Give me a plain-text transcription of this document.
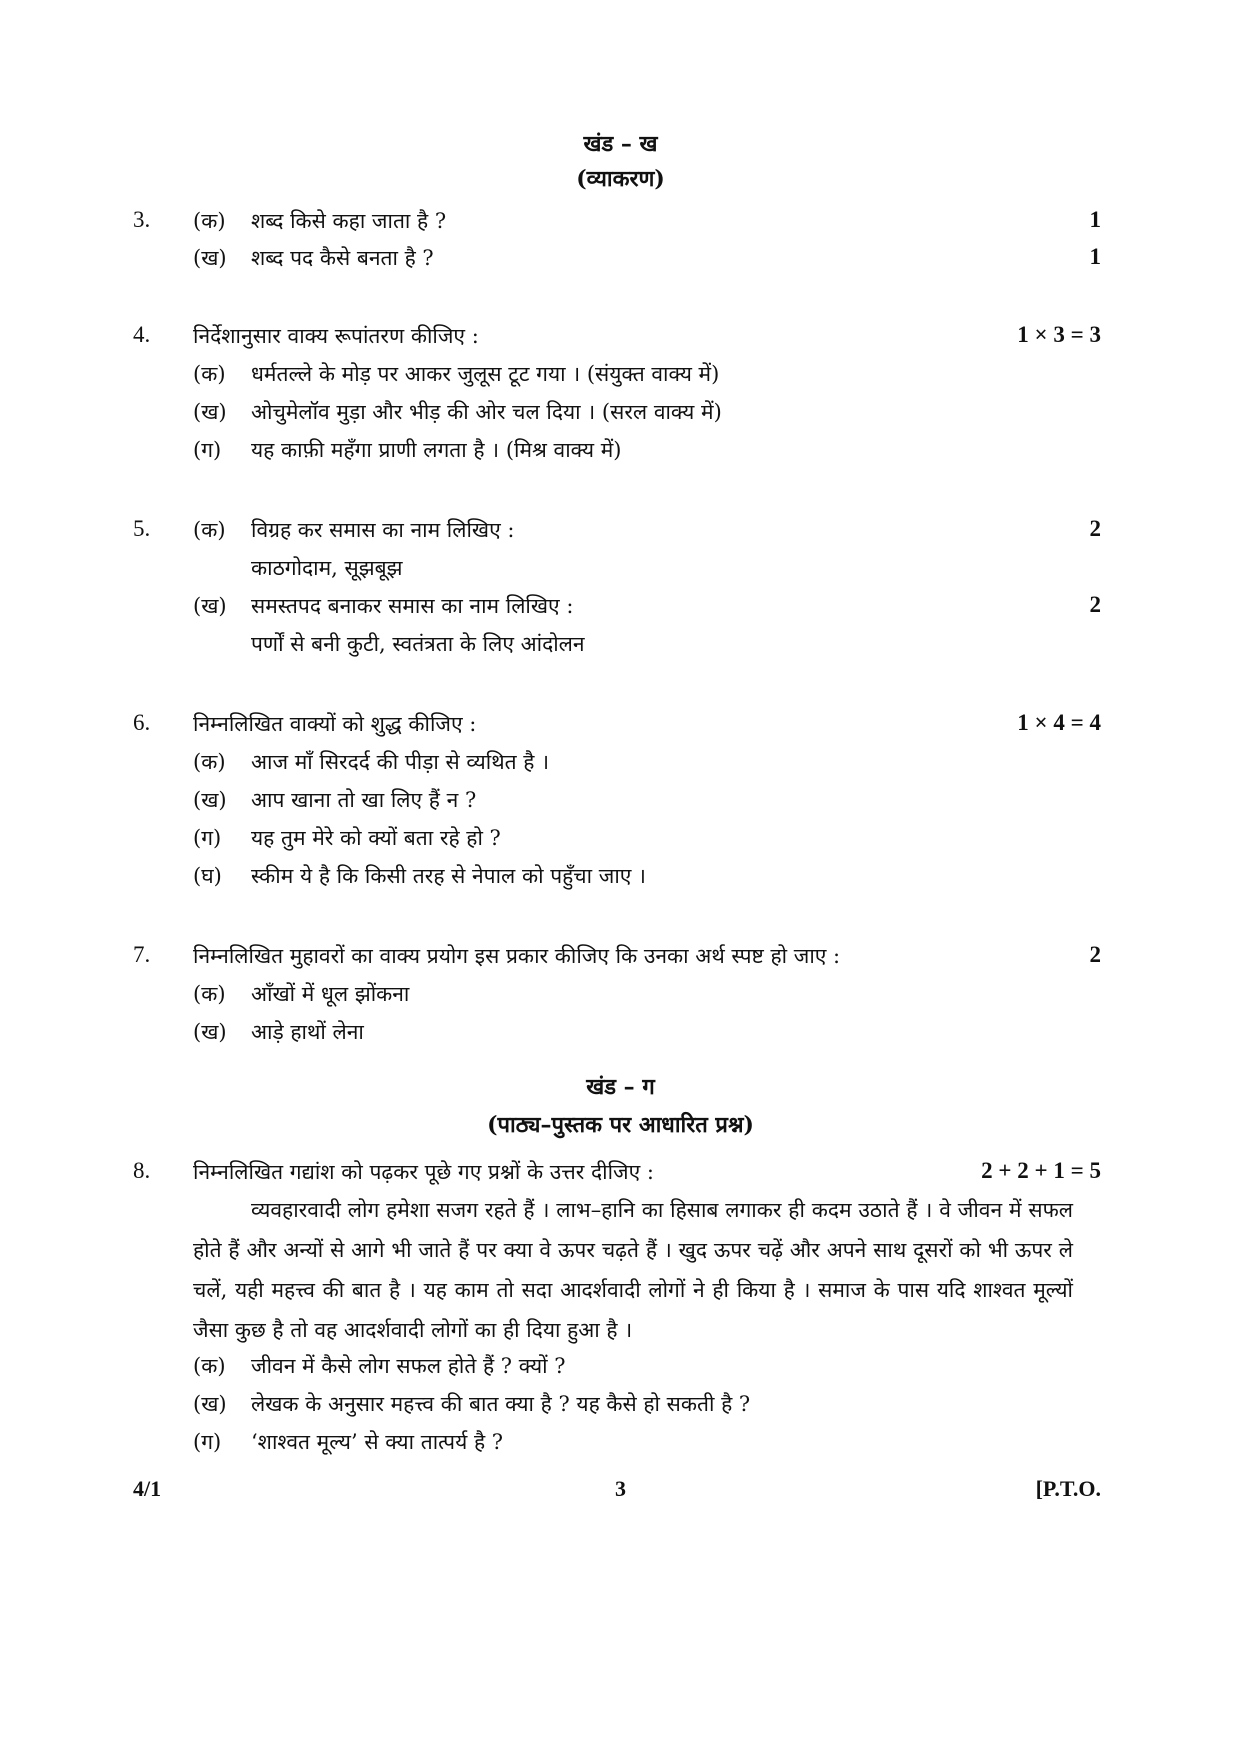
खंड – ख
(व्याकरण)
3. (क) शब्द किसे कहा जाता है ?	1
(ख) शब्द पद कैसे बनता है ?	1
4. निर्देशानुसार वाक्य रूपांतरण कीजिए :	1 × 3 = 3
(क) धर्मतल्ले के मोड़ पर आकर जुलूस टूट गया । (संयुक्त वाक्य में)
(ख) ओचुमेलॉव मुड़ा और भीड़ की ओर चल दिया । (सरल वाक्य में)
(ग) यह काफ़ी महँगा प्राणी लगता है । (मिश्र वाक्य में)
5. (क) विग्रह कर समास का नाम लिखिए :	2
काठगोदाम, सूझबूझ
(ख) समस्तपद बनाकर समास का नाम लिखिए :	2
पर्णों से बनी कुटी, स्वतंत्रता के लिए आंदोलन
6. निम्नलिखित वाक्यों को शुद्ध कीजिए :	1 × 4 = 4
(क) आज माँ सिरदर्द की पीड़ा से व्यथित है ।
(ख) आप खाना तो खा लिए हैं न ?
(ग) यह तुम मेरे को क्यों बता रहे हो ?
(घ) स्कीम ये है कि किसी तरह से नेपाल को पहुँचा जाए ।
7. निम्नलिखित मुहावरों का वाक्य प्रयोग इस प्रकार कीजिए कि उनका अर्थ स्पष्ट हो जाए :	2
(क) आँखों में धूल झोंकना
(ख) आड़े हाथों लेना
खंड – ग
(पाठ्य–पुस्तक पर आधारित प्रश्न)
8. निम्नलिखित गद्यांश को पढ़कर पूछे गए प्रश्नों के उत्तर दीजिए :	2 + 2 + 1 = 5
व्यवहारवादी लोग हमेशा सजग रहते हैं । लाभ–हानि का हिसाब लगाकर ही कदम उठाते हैं । वे जीवन में सफल होते हैं और अन्यों से आगे भी जाते हैं पर क्या वे ऊपर चढ़ते हैं । खुद ऊपर चढ़ें और अपने साथ दूसरों को भी ऊपर ले चलें, यही महत्त्व की बात है । यह काम तो सदा आदर्शवादी लोगों ने ही किया है । समाज के पास यदि शाश्वत मूल्यों जैसा कुछ है तो वह आदर्शवादी लोगों का ही दिया हुआ है ।
(क) जीवन में कैसे लोग सफल होते हैं ? क्यों ?
(ख) लेखक के अनुसार महत्त्व की बात क्या है ? यह कैसे हो सकती है ?
(ग) ‘शाश्वत मूल्य’ से क्या तात्पर्य है ?
4/1	3	[P.T.O.
